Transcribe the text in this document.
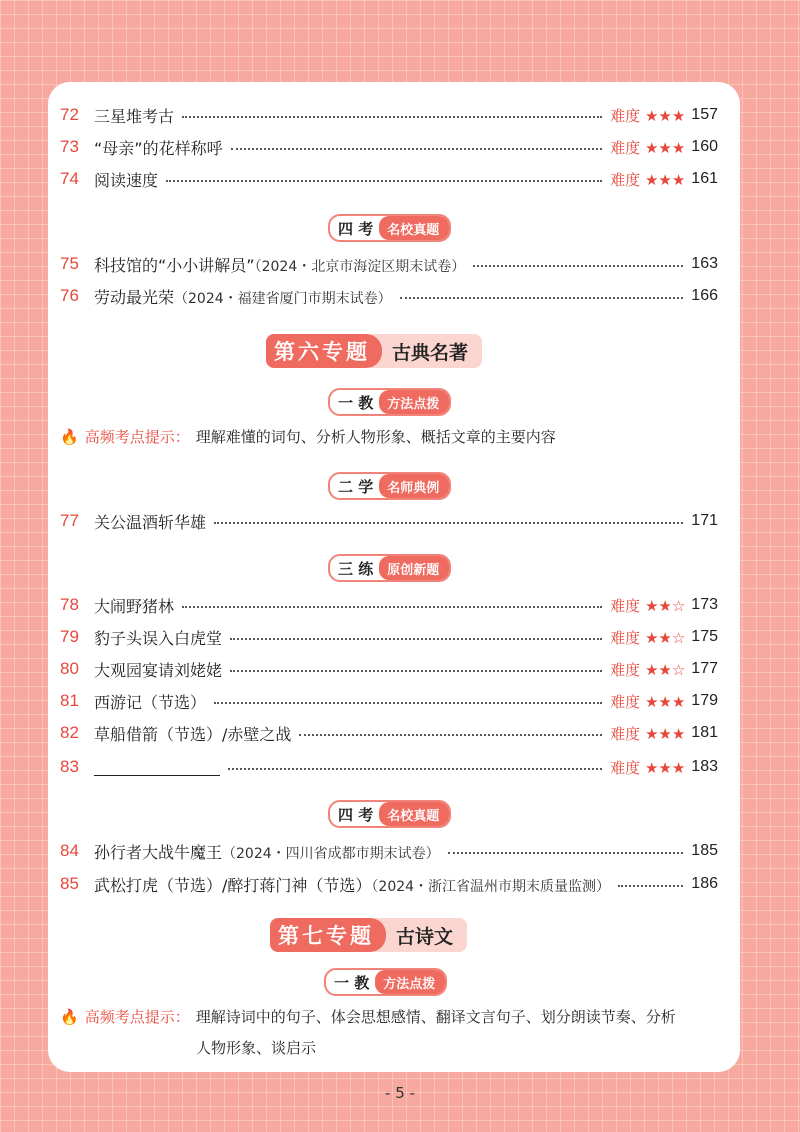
72 三星堆考古	难度 ★★★ 157
73 “母亲”的花样称呼	难度 ★★★ 160
74 阅读速度	难度 ★★★ 161
四 考	名校真题
75 科技馆的“小小讲解员”（2024・北京市海淀区期末试卷）	163
76 劳动最光荣（2024・福建省厦门市期末试卷）	166
第六专题	古典名著
一 教	方法点拨
🔥 高频考点提示： 理解难懂的词句、分析人物形象、概括文章的主要内容
二 学	名师典例
77 关公温酒斩华雄	171
三 练	原创新题
78 大闹野猪林	难度 ★★☆ 173
79 豹子头误入白虎堂	难度 ★★☆ 175
80 大观园宴请刘姥姥	难度 ★★☆ 177
81 西游记（节选）	难度 ★★★ 179
82 草船借箭（节选）/赤壁之战	难度 ★★★ 181
83	难度 ★★★ 183
四 考	名校真题
84 孙行者大战牛魔王（2024・四川省成都市期末试卷）	185
85 武松打虎（节选）/醉打蒋门神（节选）（2024・浙江省温州市期末质量监测）	186
第七专题	古诗文
一 教	方法点拨
🔥 高频考点提示： 理解诗词中的句子、体会思想感情、翻译文言句子、划分朗读节奏、分析
人物形象、谈启示
- 5 -
